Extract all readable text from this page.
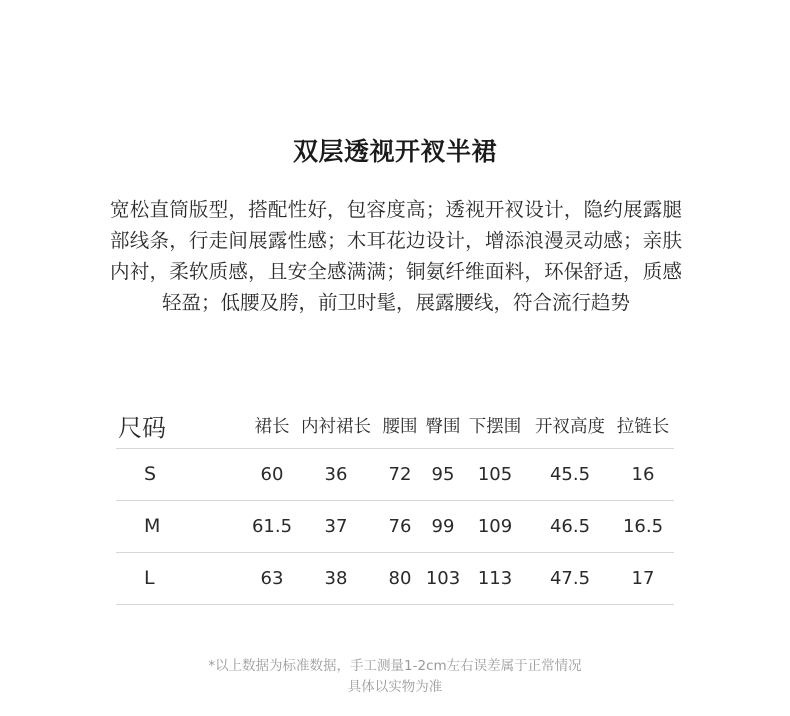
双层透视开衩半裙
宽松直筒版型，搭配性好，包容度高；透视开衩设计，隐约展露腿部线条，行走间展露性感；木耳花边设计，增添浪漫灵动感；亲肤内衬，柔软质感，且安全感满满；铜氨纤维面料，环保舒适，质感轻盈；低腰及胯，前卫时髦，展露腰线，符合流行趋势
尺码	裙长	内衬裙长	腰围	臀围	下摆围	开衩高度	拉链长
S	60	36	72	95	105	45.5	16
M	61.5	37	76	99	109	46.5	16.5
L	63	38	80	103	113	47.5	17
*以上数据为标准数据，手工测量1-2cm左右误差属于正常情况
具体以实物为准
